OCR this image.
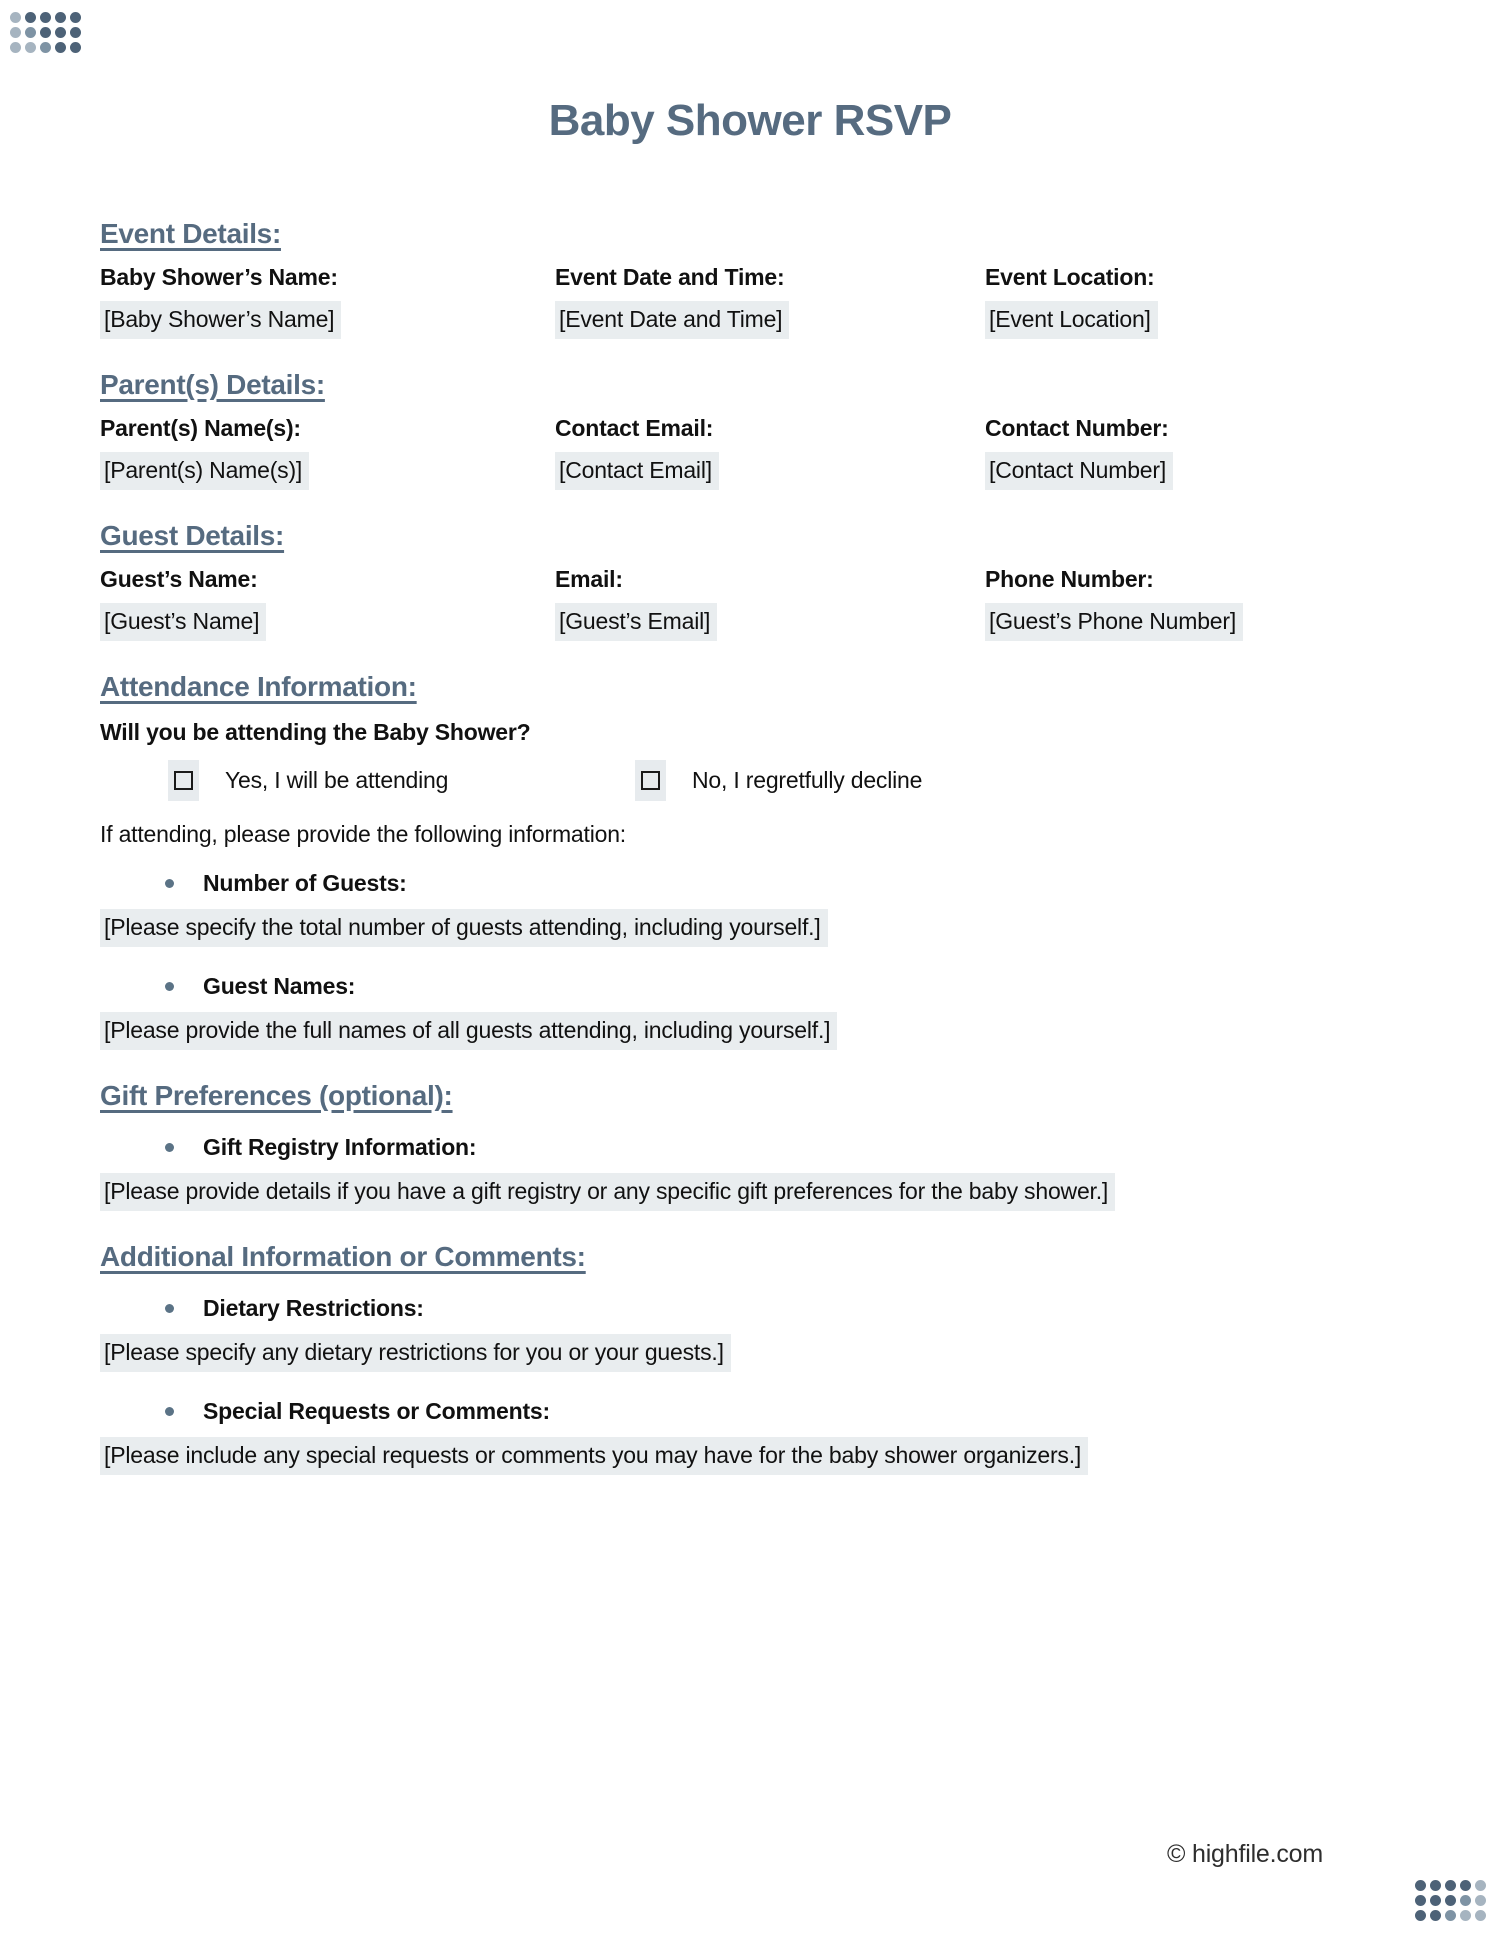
Baby Shower RSVP
Event Details:
Baby Shower’s Name:	Event Date and Time:	Event Location:
[Baby Shower’s Name]	[Event Date and Time]	[Event Location]
Parent(s) Details:
Parent(s) Name(s):	Contact Email:	Contact Number:
[Parent(s) Name(s)]	[Contact Email]	[Contact Number]
Guest Details:
Guest’s Name:	Email:	Phone Number:
[Guest’s Name]	[Guest’s Email]	[Guest’s Phone Number]
Attendance Information:
Will you be attending the Baby Shower?
Yes, I will be attending	No, I regretfully decline
If attending, please provide the following information:
Number of Guests:
[Please specify the total number of guests attending, including yourself.]
Guest Names:
[Please provide the full names of all guests attending, including yourself.]
Gift Preferences (optional):
Gift Registry Information:
[Please provide details if you have a gift registry or any specific gift preferences for the baby shower.]
Additional Information or Comments:
Dietary Restrictions:
[Please specify any dietary restrictions for you or your guests.]
Special Requests or Comments:
[Please include any special requests or comments you may have for the baby shower organizers.]
© highfile.com
